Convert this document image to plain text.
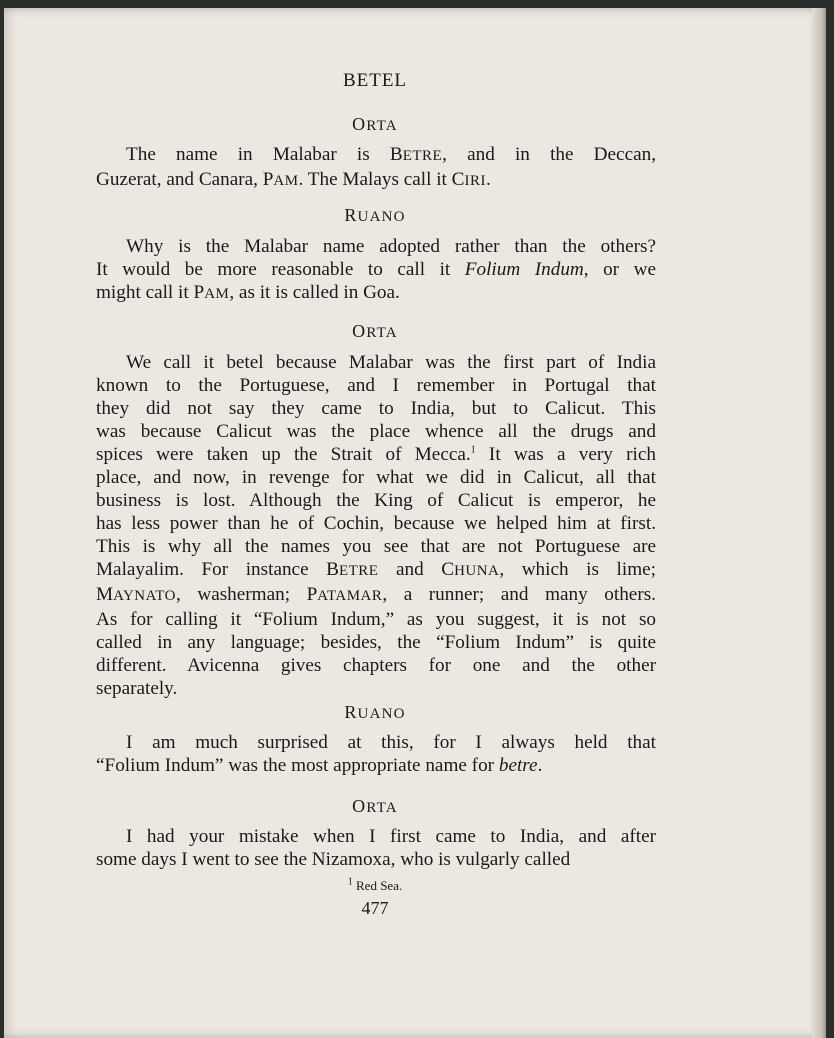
BETEL
ORTA
The name in Malabar is BETRE, and in the Deccan,
Guzerat, and Canara, PAM. The Malays call it CIRI.
RUANO
Why is the Malabar name adopted rather than the others?
It would be more reasonable to call it Folium Indum, or we
might call it PAM, as it is called in Goa.
ORTA
We call it betel because Malabar was the first part of India
known to the Portuguese, and I remember in Portugal that
they did not say they came to India, but to Calicut. This
was because Calicut was the place whence all the drugs and
spices were taken up the Strait of Mecca.$^1$ It was a very rich
place, and now, in revenge for what we did in Calicut, all that
business is lost. Although the King of Calicut is emperor, he
has less power than he of Cochin, because we helped him at first.
This is why all the names you see that are not Portuguese are
Malayalim. For instance BETRE and CHUNA, which is lime;
MAYNATO, washerman; PATAMAR, a runner; and many others.
As for calling it “Folium Indum,” as you suggest, it is not so
called in any language; besides, the “Folium Indum” is quite
different. Avicenna gives chapters for one and the other
separately.
RUANO
I am much surprised at this, for I always held that
“Folium Indum” was the most appropriate name for betre.
ORTA
I had your mistake when I first came to India, and after
some days I went to see the Nizamoxa, who is vulgarly called
$^1$ Red Sea.
477
